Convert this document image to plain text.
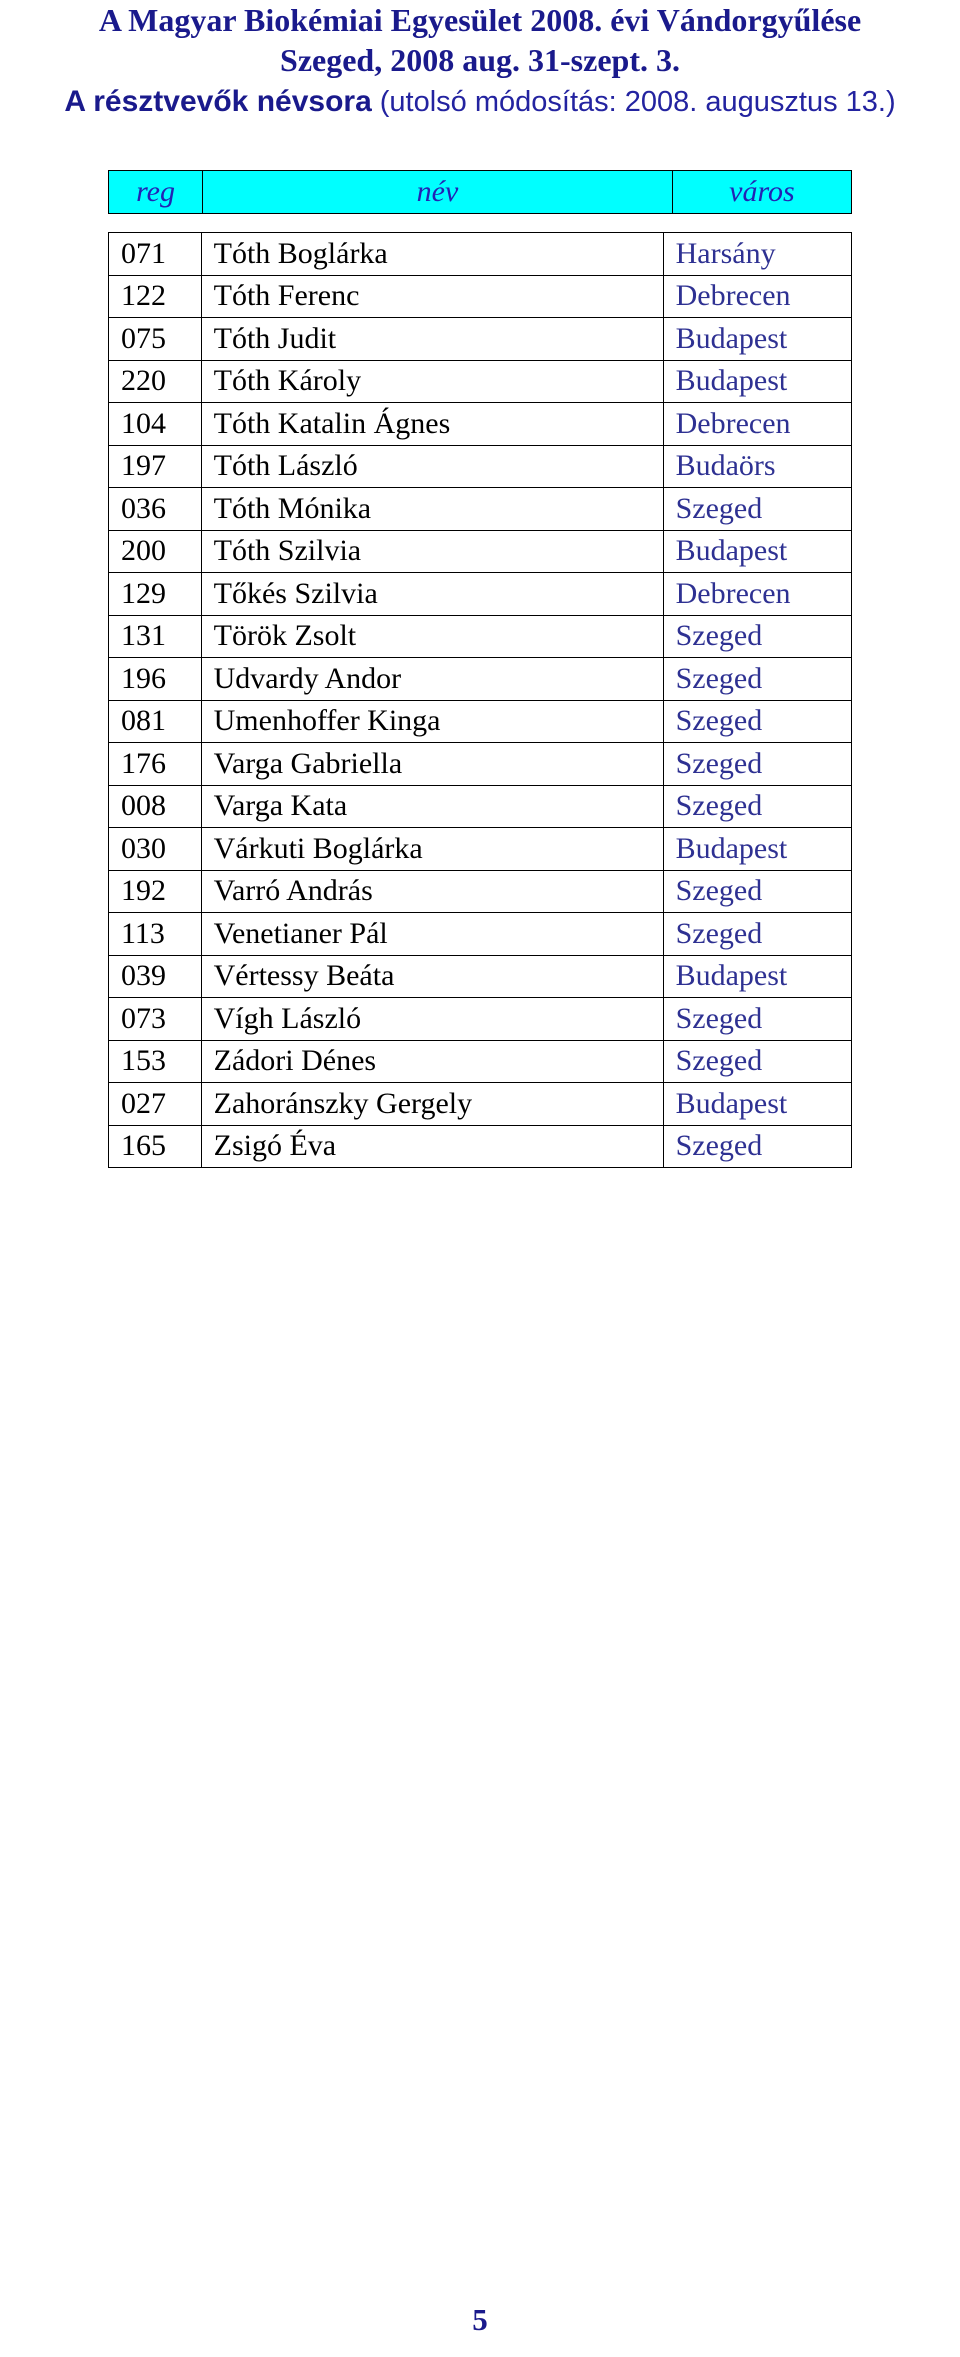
A Magyar Biokémiai Egyesület 2008. évi Vándorgyűlése
Szeged, 2008 aug. 31-szept. 3.
A résztvevők névsora (utolsó módosítás: 2008. augusztus 13.)
reg	név	város
071	Tóth Boglárka	Harsány
122	Tóth Ferenc	Debrecen
075	Tóth Judit	Budapest
220	Tóth Károly	Budapest
104	Tóth Katalin Ágnes	Debrecen
197	Tóth László	Budaörs
036	Tóth Mónika	Szeged
200	Tóth Szilvia	Budapest
129	Tőkés Szilvia	Debrecen
131	Török Zsolt	Szeged
196	Udvardy Andor	Szeged
081	Umenhoffer Kinga	Szeged
176	Varga Gabriella	Szeged
008	Varga Kata	Szeged
030	Várkuti Boglárka	Budapest
192	Varró András	Szeged
113	Venetianer Pál	Szeged
039	Vértessy Beáta	Budapest
073	Vígh László	Szeged
153	Zádori Dénes	Szeged
027	Zahoránszky Gergely	Budapest
165	Zsigó Éva	Szeged
5
